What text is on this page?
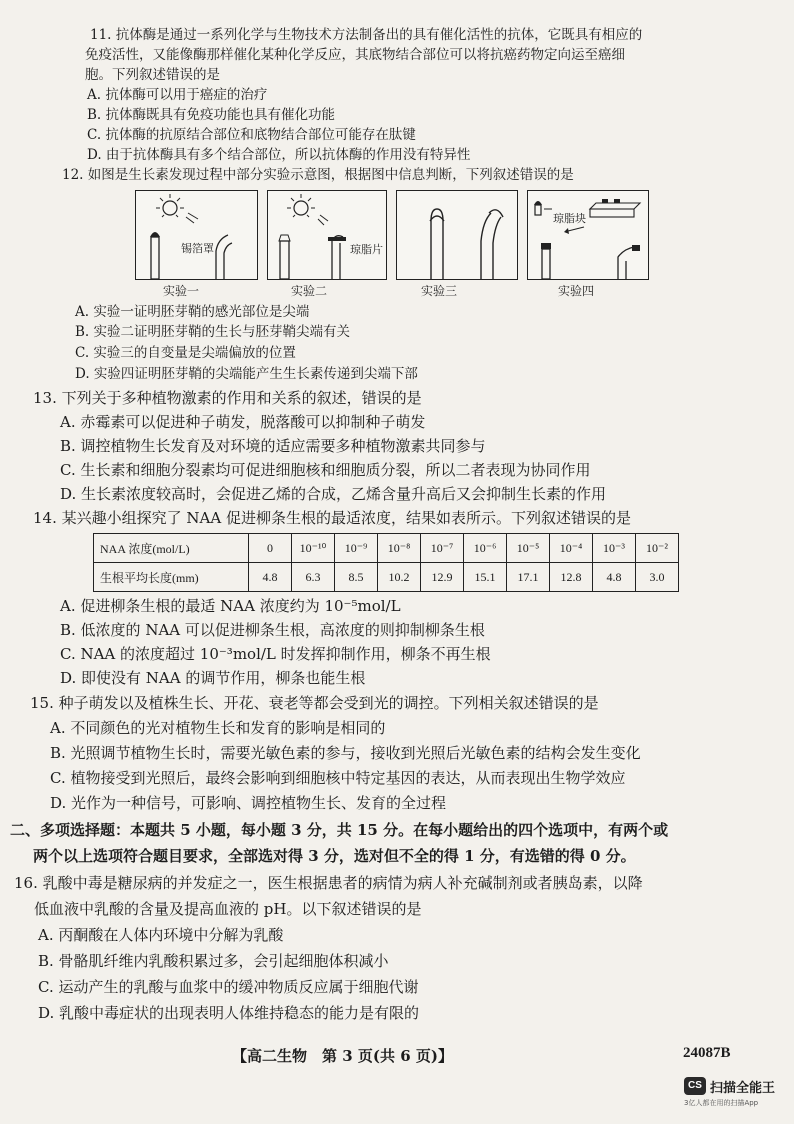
11. 抗体酶是通过一系列化学与生物技术方法制备出的具有催化活性的抗体，它既具有相应的
免疫活性，又能像酶那样催化某种化学反应，其底物结合部位可以将抗癌药物定向运至癌细
胞。下列叙述错误的是
A. 抗体酶可以用于癌症的治疗
B. 抗体酶既具有免疫功能也具有催化功能
C. 抗体酶的抗原结合部位和底物结合部位可能存在肽键
D. 由于抗体酶具有多个结合部位，所以抗体酶的作用没有特异性
12. 如图是生长素发现过程中部分实验示意图，根据图中信息判断，下列叙述错误的是
锡箔罩	琼脂片
琼脂块
实验一	实验二	实验三	实验四
A. 实验一证明胚芽鞘的感光部位是尖端
B. 实验二证明胚芽鞘的生长与胚芽鞘尖端有关
C. 实验三的自变量是尖端偏放的位置
D. 实验四证明胚芽鞘的尖端能产生生长素传递到尖端下部
13. 下列关于多种植物激素的作用和关系的叙述，错误的是
A. 赤霉素可以促进种子萌发，脱落酸可以抑制种子萌发
B. 调控植物生长发育及对环境的适应需要多种植物激素共同参与
C. 生长素和细胞分裂素均可促进细胞核和细胞质分裂，所以二者表现为协同作用
D. 生长素浓度较高时，会促进乙烯的合成，乙烯含量升高后又会抑制生长素的作用
14. 某兴趣小组探究了 NAA 促进柳条生根的最适浓度，结果如表所示。下列叙述错误的是
NAA 浓度(mol/L)	0	10⁻¹⁰	10⁻⁹	10⁻⁸	10⁻⁷	10⁻⁶	10⁻⁵	10⁻⁴	10⁻³	10⁻²
生根平均长度(mm)	4.8	6.3	8.5	10.2	12.9	15.1	17.1	12.8	4.8	3.0
A. 促进柳条生根的最适 NAA 浓度约为 10⁻⁵mol/L
B. 低浓度的 NAA 可以促进柳条生根，高浓度的则抑制柳条生根
C. NAA 的浓度超过 10⁻³mol/L 时发挥抑制作用，柳条不再生根
D. 即使没有 NAA 的调节作用，柳条也能生根
15. 种子萌发以及植株生长、开花、衰老等都会受到光的调控。下列相关叙述错误的是
A. 不同颜色的光对植物生长和发育的影响是相同的
B. 光照调节植物生长时，需要光敏色素的参与，接收到光照后光敏色素的结构会发生变化
C. 植物接受到光照后，最终会影响到细胞核中特定基因的表达，从而表现出生物学效应
D. 光作为一种信号，可影响、调控植物生长、发育的全过程
二、多项选择题：本题共 5 小题，每小题 3 分，共 15 分。在每小题给出的四个选项中，有两个或
两个以上选项符合题目要求，全部选对得 3 分，选对但不全的得 1 分，有选错的得 0 分。
16. 乳酸中毒是糖尿病的并发症之一，医生根据患者的病情为病人补充碱制剂或者胰岛素，以降
低血液中乳酸的含量及提高血液的 pH。以下叙述错误的是
A. 丙酮酸在人体内环境中分解为乳酸
B. 骨骼肌纤维内乳酸积累过多，会引起细胞体积减小
C. 运动产生的乳酸与血浆中的缓冲物质反应属于细胞代谢
D. 乳酸中毒症状的出现表明人体维持稳态的能力是有限的
【高二生物　第 3 页(共 6 页)】	24087B
CS 扫描全能王
3亿人都在用的扫描App
